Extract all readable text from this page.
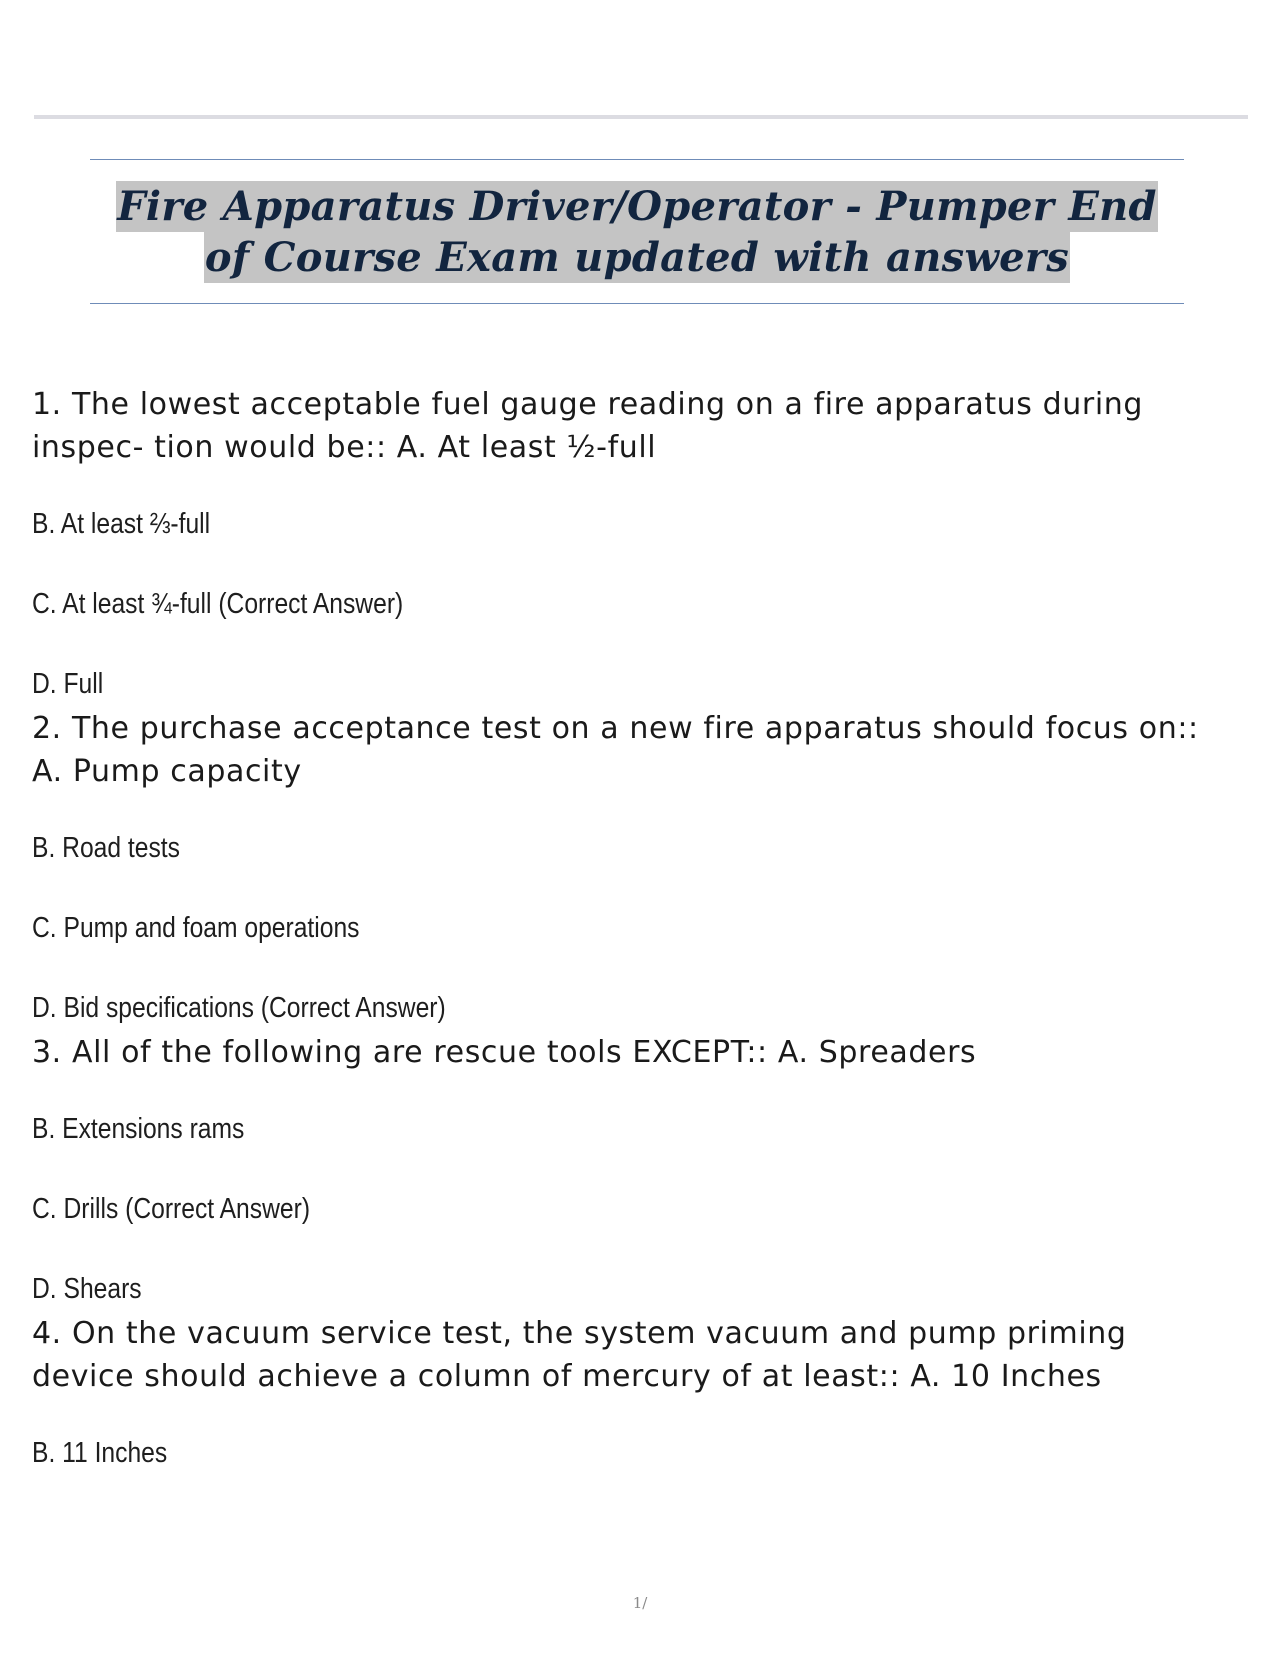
Fire Apparatus Driver/Operator - Pumper End
of Course Exam updated with answers

1. The lowest acceptable fuel gauge reading on a fire apparatus during inspec- tion would be:: A. At least ½-full

B. At least ⅔-full

C. At least ¾-full (Correct Answer)

D. Full

2. The purchase acceptance test on a new fire apparatus should focus on:: A. Pump capacity

B. Road tests

C. Pump and foam operations

D. Bid specifications (Correct Answer)

3. All of the following are rescue tools EXCEPT:: A. Spreaders

B. Extensions rams

C. Drills (Correct Answer)

D. Shears

4. On the vacuum service test, the system vacuum and pump priming device should achieve a column of mercury of at least:: A. 10 Inches

B. 11 Inches

1/
